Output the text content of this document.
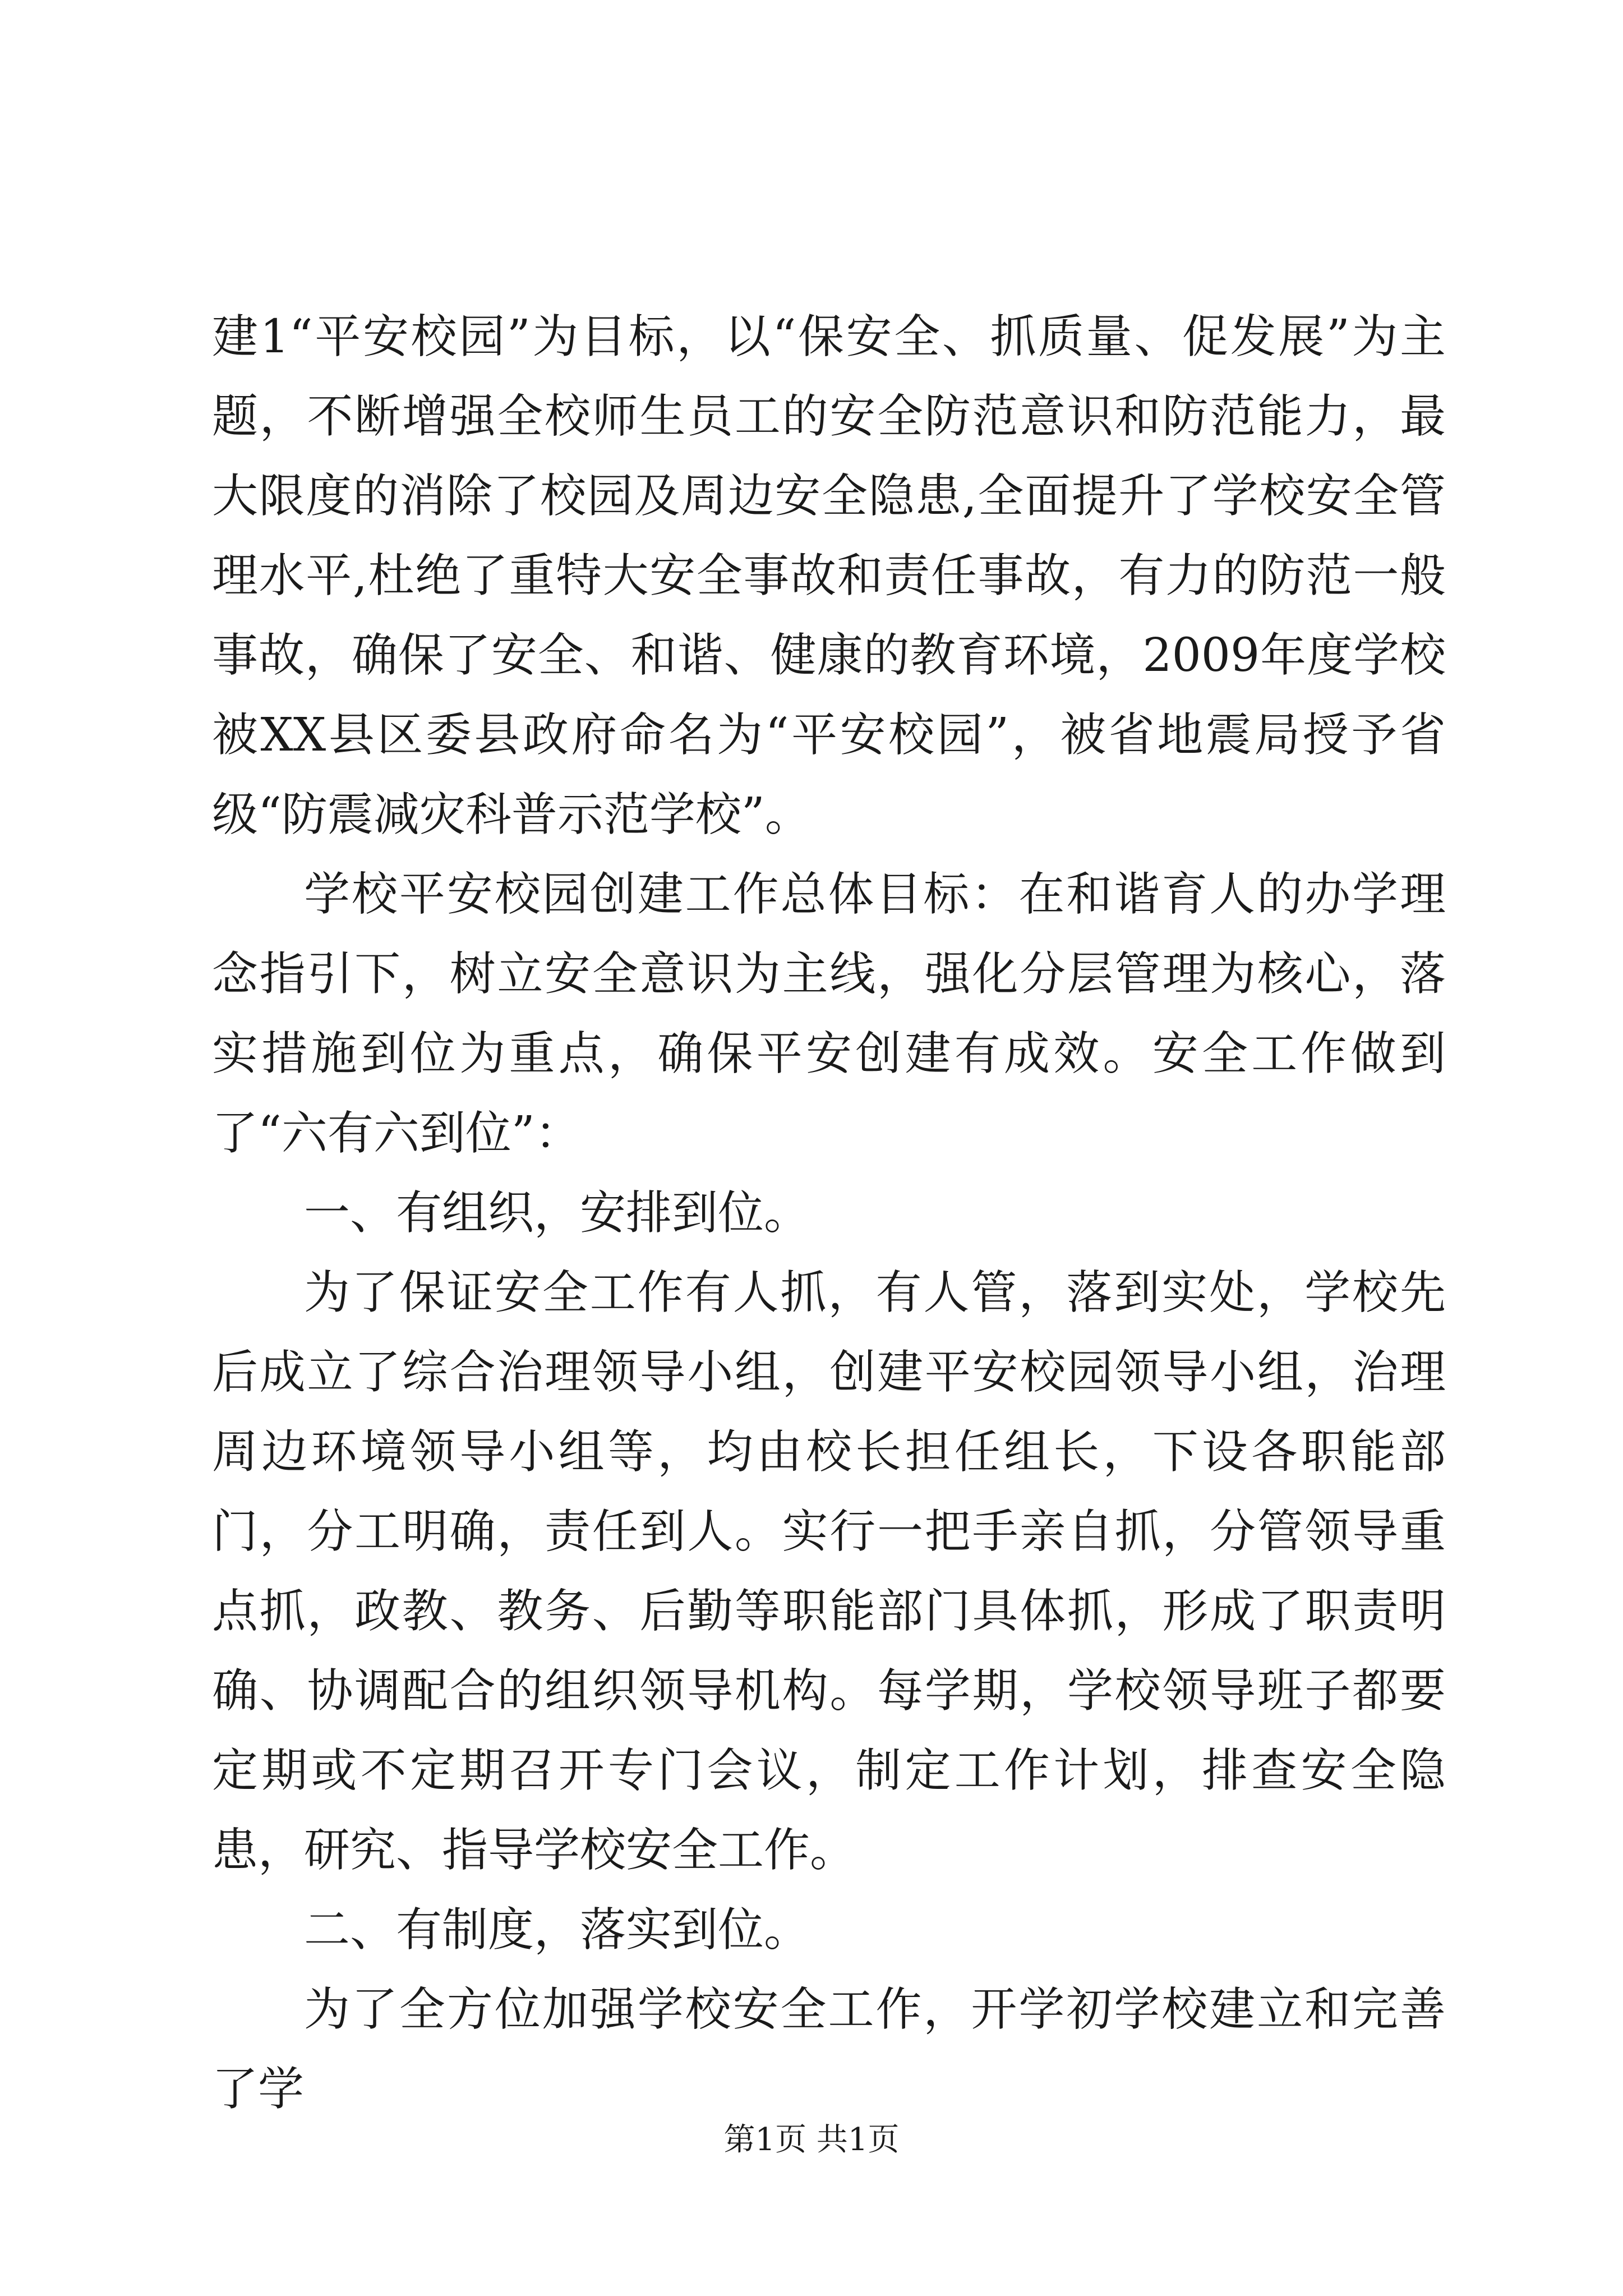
建1“平安校园”为目标，以“保安全、抓质量、促发展”为主题，不断增强全校师生员工的安全防范意识和防范能力，最大限度的消除了校园及周边安全隐患,全面提升了学校安全管理水平,杜绝了重特大安全事故和责任事故，有力的防范一般事故，确保了安全、和谐、健康的教育环境，2009年度学校被XX县区委县政府命名为“平安校园”，被省地震局授予省级“防震减灾科普示范学校”。

学校平安校园创建工作总体目标：在和谐育人的办学理念指引下，树立安全意识为主线，强化分层管理为核心，落实措施到位为重点，确保平安创建有成效。安全工作做到了“六有六到位”：

一、有组织，安排到位。

为了保证安全工作有人抓，有人管，落到实处，学校先后成立了综合治理领导小组，创建平安校园领导小组，治理周边环境领导小组等，均由校长担任组长，下设各职能部门，分工明确，责任到人。实行一把手亲自抓，分管领导重点抓，政教、教务、后勤等职能部门具体抓，形成了职责明确、协调配合的组织领导机构。每学期，学校领导班子都要定期或不定期召开专门会议，制定工作计划，排查安全隐患，研究、指导学校安全工作。

二、有制度，落实到位。

为了全方位加强学校安全工作，开学初学校建立和完善了学

第1页 共1页
